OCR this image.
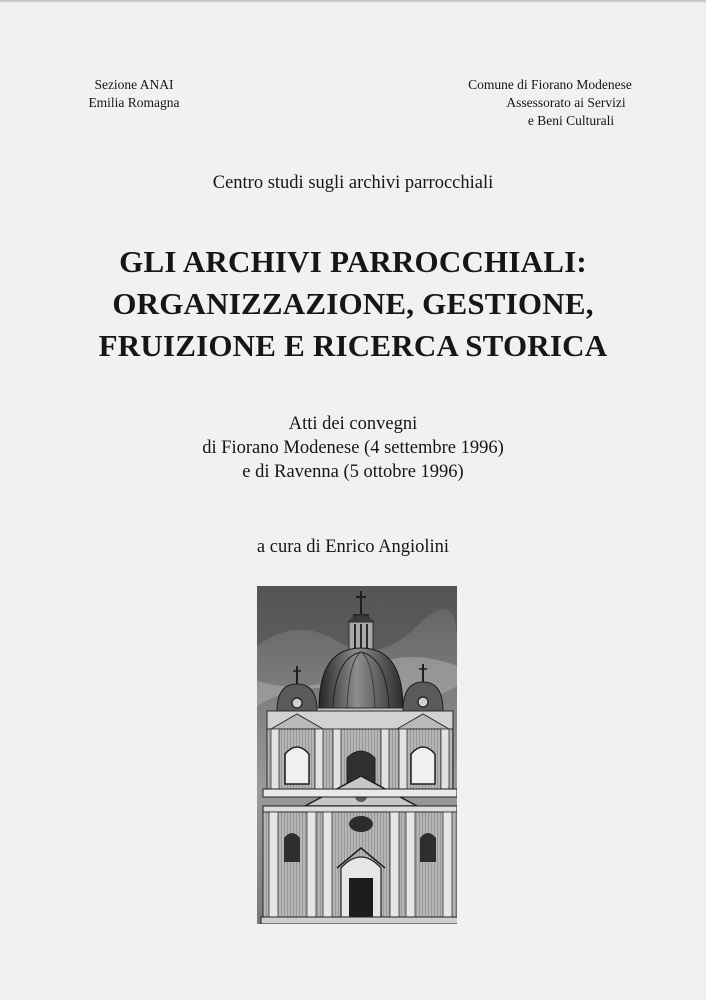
Sezione ANAI
Emilia Romagna
Comune di Fiorano Modenese
Assessorato ai Servizi
e Beni Culturali
Centro studi sugli archivi parrocchiali
GLI ARCHIVI PARROCCHIALI:
ORGANIZZAZIONE, GESTIONE,
FRUIZIONE E RICERCA STORICA
Atti dei convegni
di Fiorano Modenese (4 settembre 1996)
e di Ravenna (5 ottobre 1996)
a cura di Enrico Angiolini
